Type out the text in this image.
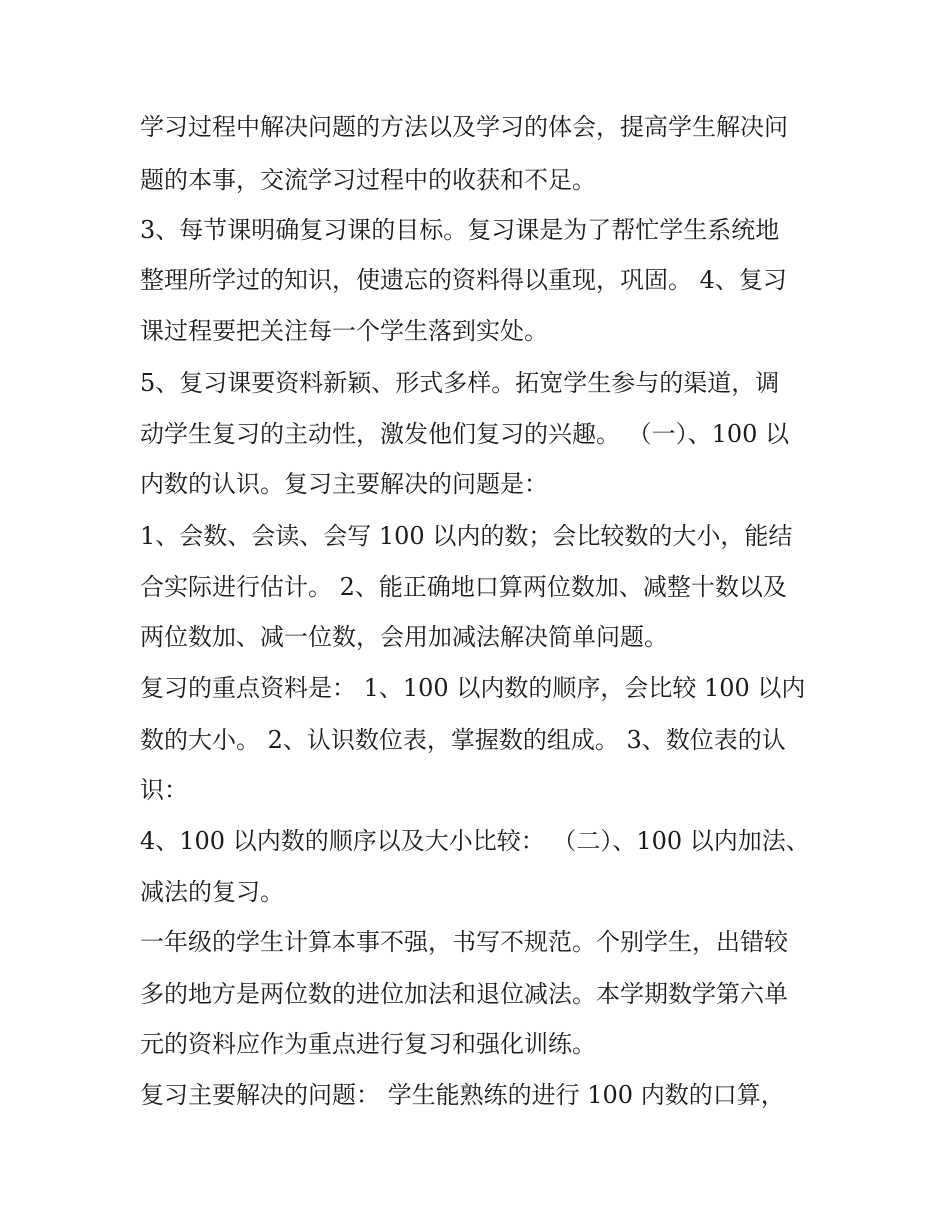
学习过程中解决问题的方法以及学习的体会，提高学生解决问
题的本事，交流学习过程中的收获和不足。
3、每节课明确复习课的目标。复习课是为了帮忙学生系统地
整理所学过的知识，使遗忘的资料得以重现，巩固。 4、复习
课过程要把关注每一个学生落到实处。
5、复习课要资料新颖、形式多样。拓宽学生参与的渠道，调
动学生复习的主动性，激发他们复习的兴趣。 （一）、100 以
内数的认识。复习主要解决的问题是：
1、会数、会读、会写 100 以内的数；会比较数的大小，能结
合实际进行估计。 2、能正确地口算两位数加、减整十数以及
两位数加、减一位数，会用加减法解决简单问题。
复习的重点资料是： 1、100 以内数的顺序，会比较 100 以内
数的大小。 2、认识数位表，掌握数的组成。 3、数位表的认
识：
4、100 以内数的顺序以及大小比较： （二）、100 以内加法、
减法的复习。
一年级的学生计算本事不强，书写不规范。个别学生，出错较
多的地方是两位数的进位加法和退位减法。本学期数学第六单
元的资料应作为重点进行复习和强化训练。
复习主要解决的问题： 学生能熟练的进行 100 内数的口算，
